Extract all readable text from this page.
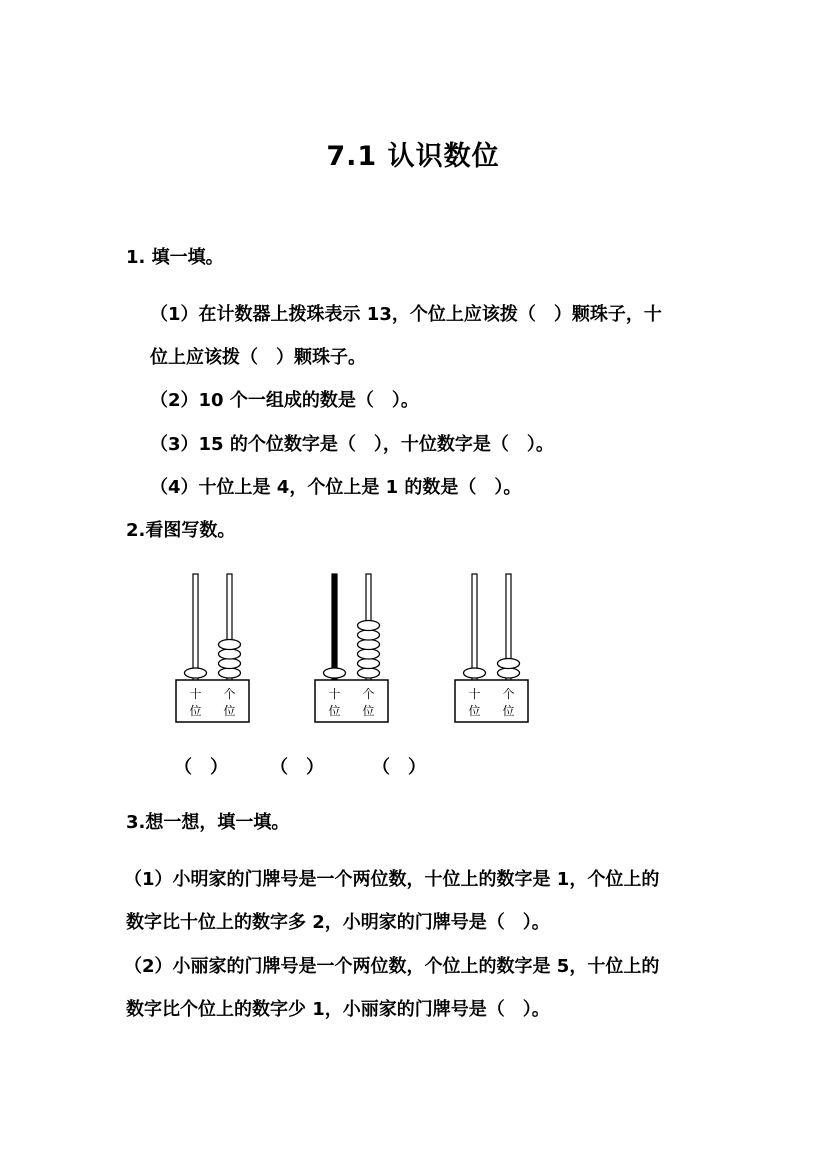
7.1 认识数位
1. 填一填。
（1）在计数器上拨珠表示 13，个位上应该拨（　）颗珠子，十
位上应该拨（　）颗珠子。
（2）10 个一组成的数是（　）。
（3）15 的个位数字是（　），十位数字是（　）。
（4）十位上是 4，个位上是 1 的数是（　）。
2.看图写数。
十
位
个
位
十
位
个
位
十
位
个
位
（　） （　）	（　）
3.想一想，填一填。
（1）小明家的门牌号是一个两位数，十位上的数字是 1，个位上的
数字比十位上的数字多 2，小明家的门牌号是（　）。
（2）小丽家的门牌号是一个两位数，个位上的数字是 5，十位上的
数字比个位上的数字少 1，小丽家的门牌号是（　）。
